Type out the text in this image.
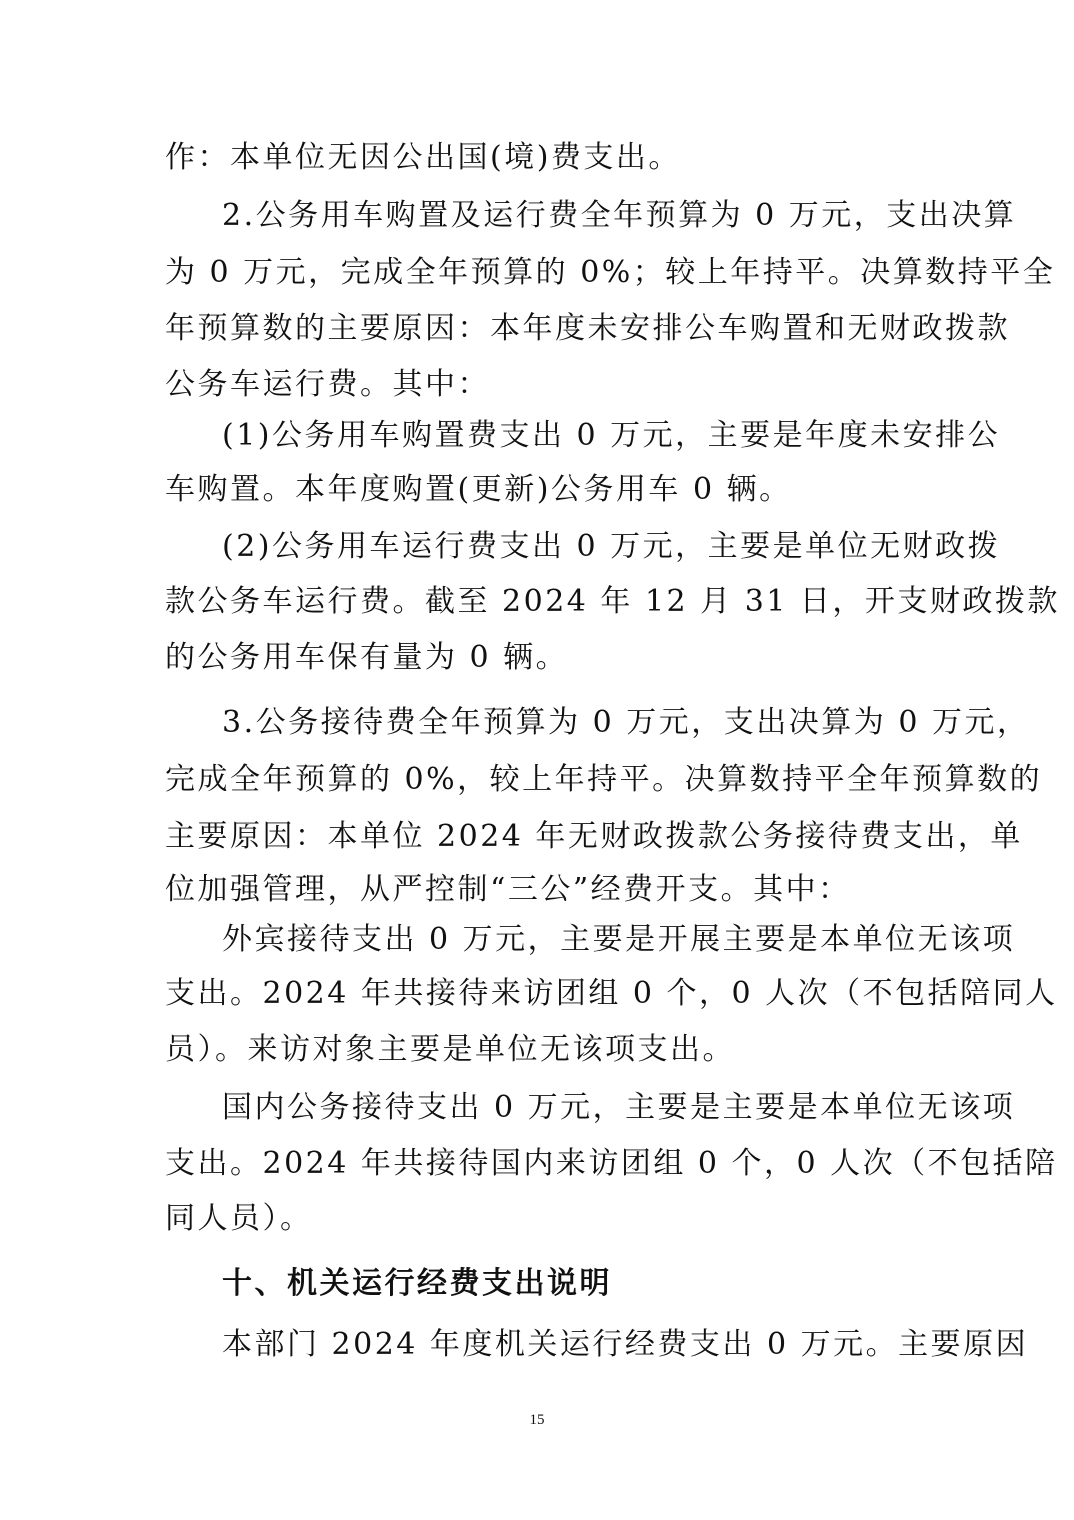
作：本单位无因公出国(境)费支出。
2.公务用车购置及运行费全年预算为 0 万元，支出决算
为 0 万元，完成全年预算的 0%；较上年持平。决算数持平全
年预算数的主要原因：本年度未安排公车购置和无财政拨款
公务车运行费。其中：
(1)公务用车购置费支出 0 万元，主要是年度未安排公
车购置。本年度购置(更新)公务用车 0 辆。
(2)公务用车运行费支出 0 万元，主要是单位无财政拨
款公务车运行费。截至 2024 年 12 月 31 日，开支财政拨款
的公务用车保有量为 0 辆。
3.公务接待费全年预算为 0 万元，支出决算为 0 万元，
完成全年预算的 0%，较上年持平。决算数持平全年预算数的
主要原因：本单位 2024 年无财政拨款公务接待费支出，单
位加强管理，从严控制“三公”经费开支。其中：
外宾接待支出 0 万元，主要是开展主要是本单位无该项
支出。2024 年共接待来访团组 0 个，0 人次（不包括陪同人
员）。来访对象主要是单位无该项支出。
国内公务接待支出 0 万元，主要是主要是本单位无该项
支出。2024 年共接待国内来访团组 0 个，0 人次（不包括陪
同人员）。
十、机关运行经费支出说明
本部门 2024 年度机关运行经费支出 0 万元。主要原因
15
